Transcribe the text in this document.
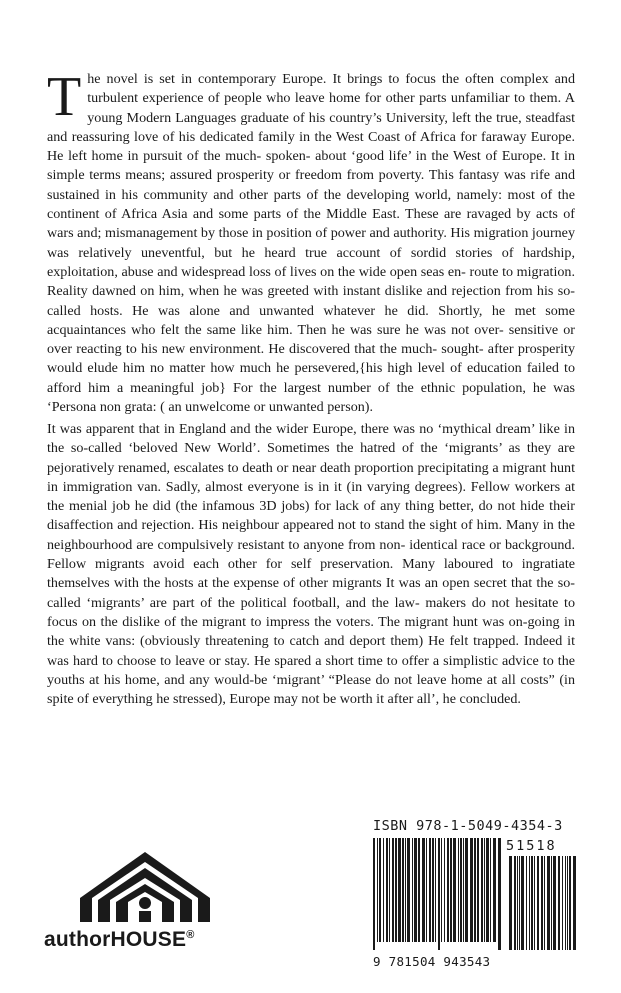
The novel is set in contemporary Europe. It brings to focus the often complex and turbulent experience of people who leave home for other parts unfamiliar to them. A young Modern Languages graduate of his country’s University, left the true, steadfast and reassuring love of his dedicated family in the West Coast of Africa for faraway Europe. He left home in pursuit of the much- spoken- about ‘good life’ in the West of Europe. It in simple terms means; assured prosperity or freedom from poverty. This fantasy was rife and sustained in his community and other parts of the developing world, namely: most of the continent of Africa Asia and some parts of the Middle East. These are ravaged by acts of wars and; mismanagement by those in position of power and authority. His migration journey was relatively uneventful, but he heard true account of sordid stories of hardship, exploitation, abuse and widespread loss of lives on the wide open seas en- route to migration. Reality dawned on him, when he was greeted with instant dislike and rejection from his so-called hosts. He was alone and unwanted whatever he did. Shortly, he met some acquaintances who felt the same like him. Then he was sure he was not over- sensitive or over reacting to his new environment. He discovered that the much- sought- after prosperity would elude him no matter how much he persevered,{his high level of education failed to afford him a meaningful job} For the largest number of the ethnic population, he was ‘Persona non grata: ( an unwelcome or unwanted person).
It was apparent that in England and the wider Europe, there was no ‘mythical dream’ like in the so-called ‘beloved New World’. Sometimes the hatred of the ‘migrants’ as they are pejoratively renamed, escalates to death or near death proportion precipitating a migrant hunt in immigration van. Sadly, almost everyone is in it (in varying degrees). Fellow workers at the menial job he did (the infamous 3D jobs) for lack of any thing better, do not hide their disaffection and rejection. His neighbour appeared not to stand the sight of him. Many in the neighbourhood are compulsively resistant to anyone from non- identical race or background. Fellow migrants avoid each other for self preservation. Many laboured to ingratiate themselves with the hosts at the expense of other migrants It was an open secret that the so-called ‘migrants’ are part of the political football, and the law- makers do not hesitate to focus on the dislike of the migrant to impress the voters. The migrant hunt was on-going in the white vans: (obviously threatening to catch and deport them) He felt trapped. Indeed it was hard to choose to leave or stay. He spared a short time to offer a simplistic advice to the youths at his home, and any would-be ‘migrant’ “Please do not leave home at all costs” (in spite of everything he stressed), Europe may not be worth it after all’, he concluded.
authorHOUSE®
ISBN 978-1-5049-4354-3
51518
9 781504 943543
